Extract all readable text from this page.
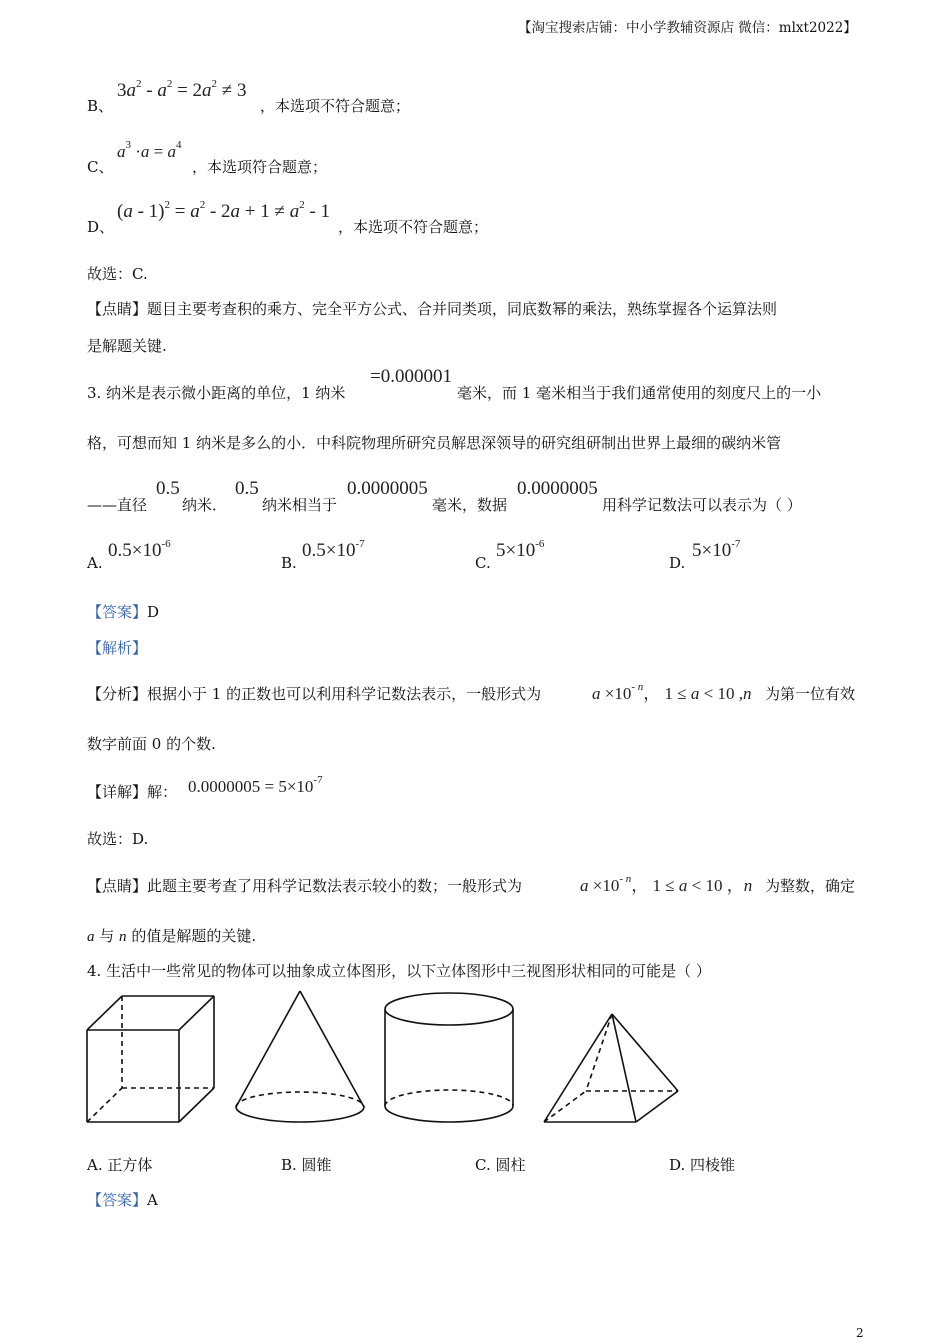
【淘宝搜索店铺：中小学教辅资源店 微信：mlxt2022】
B、
$3a^2 - a^2 = 2a^2 \ne 3$
，本选项不符合题意；
C、
$a^3 \cdot a = a^4$
，本选项符合题意；
D、
$(a - 1)^2 = a^2 - 2a + 1 \ne a^2 - 1$
，本选项不符合题意；
故选：C.
【点睛】题目主要考查积的乘方、完全平方公式、合并同类项，同底数幂的乘法，熟练掌握各个运算法则
是解题关键.
3. 纳米是表示微小距离的单位，1 纳米
=0.000001
毫米，而 1 毫米相当于我们通常使用的刻度尺上的一小
格，可想而知 1 纳米是多么的小．中科院物理所研究员解思深领导的研究组研制出世界上最细的碳纳米管
——直径
0.5
纳米．
0.5
纳米相当于
0.0000005
毫米，数据
0.0000005
用科学记数法可以表示为（ ）
A.
$0.5\times 10^{-6}$
B.
$0.5\times 10^{-7}$
C.
$5\times 10^{-6}$
D.
$5\times 10^{-7}$
【答案】D
【解析】
【分析】根据小于 1 的正数也可以利用科学记数法表示，一般形式为	$a \times 10^{- n}$， 1 ≤ a < 10 ,n 为第一位有效
数字前面 0 的个数.
【详解】解： $0.0000005 = 5\times 10^{-7}$
故选：D.
【点睛】此题主要考查了用科学记数法表示较小的数；一般形式为	$a \times 10^{- n}$， 1 ≤ a < 10 ，n 为整数，确定
a 与 n 的值是解题的关键.
4. 生活中一些常见的物体可以抽象成立体图形，以下立体图形中三视图形状相同的可能是（ ）
A. 正方体	B. 圆锥	C. 圆柱	D. 四棱锥
【答案】A
2
